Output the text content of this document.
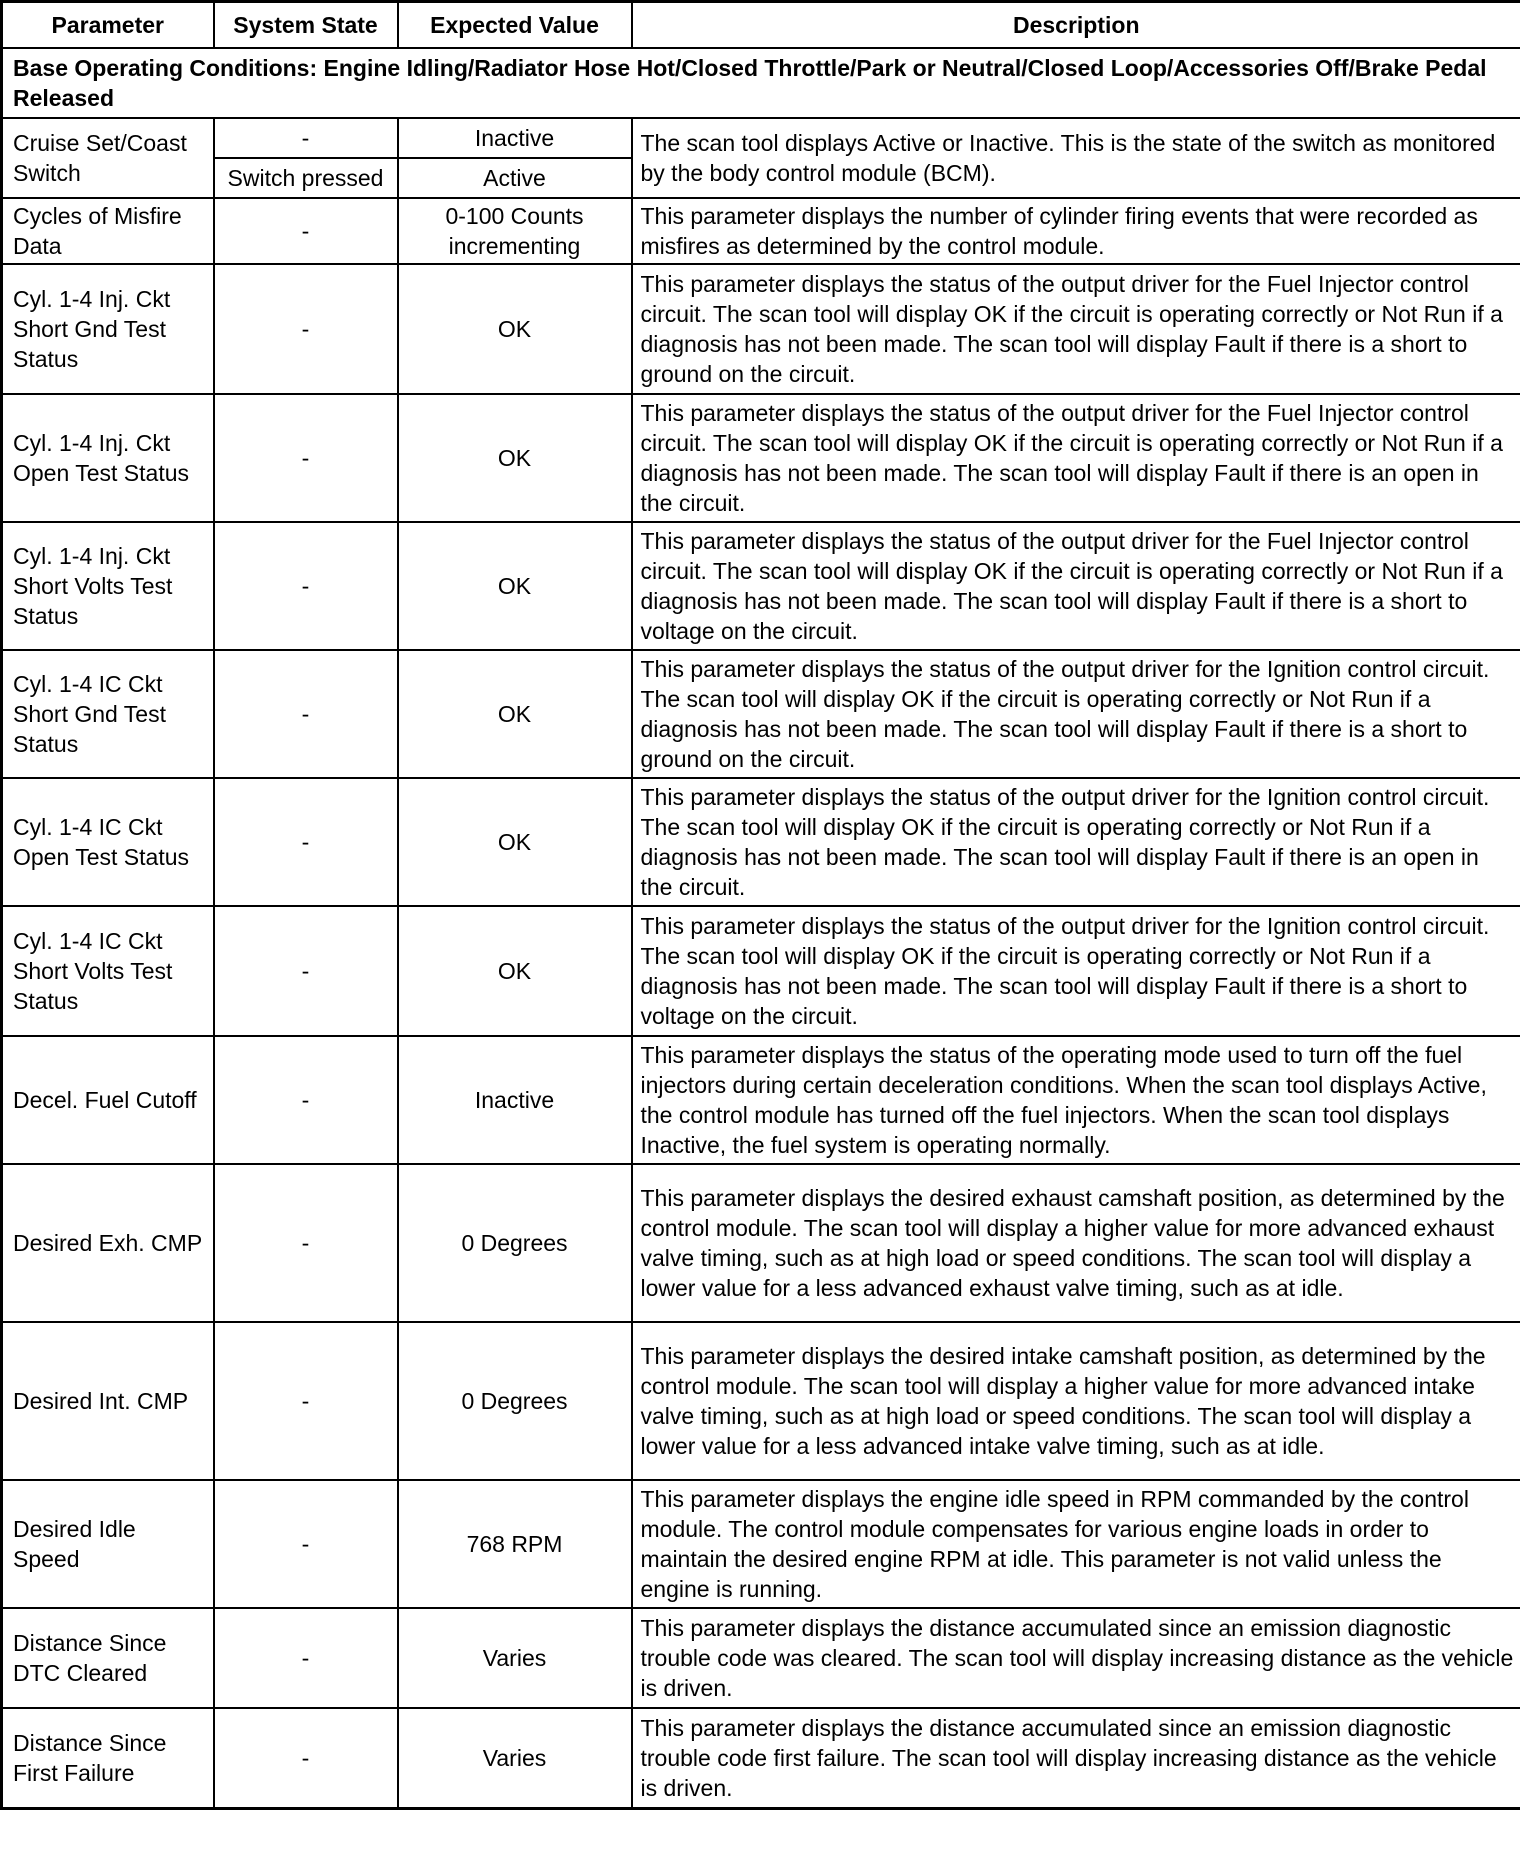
Parameter	System State	Expected Value	Description
Base Operating Conditions: Engine Idling/Radiator Hose Hot/Closed Throttle/Park or Neutral/Closed Loop/Accessories Off/Brake Pedal Released			
Cruise Set/Coast Switch	-	Inactive	The scan tool displays Active or Inactive. This is the state of the switch as monitored by the body control module (BCM).
	Switch pressed	Active	
Cycles of Misfire Data	-	0-100 Counts incrementing	This parameter displays the number of cylinder firing events that were recorded as misfires as determined by the control module.
Cyl. 1-4 Inj. Ckt Short Gnd Test Status	-	OK	This parameter displays the status of the output driver for the Fuel Injector control circuit. The scan tool will display OK if the circuit is operating correctly or Not Run if a diagnosis has not been made. The scan tool will display Fault if there is a short to ground on the circuit.
Cyl. 1-4 Inj. Ckt Open Test Status	-	OK	This parameter displays the status of the output driver for the Fuel Injector control circuit. The scan tool will display OK if the circuit is operating correctly or Not Run if a diagnosis has not been made. The scan tool will display Fault if there is an open in the circuit.
Cyl. 1-4 Inj. Ckt Short Volts Test Status	-	OK	This parameter displays the status of the output driver for the Fuel Injector control circuit. The scan tool will display OK if the circuit is operating correctly or Not Run if a diagnosis has not been made. The scan tool will display Fault if there is a short to voltage on the circuit.
Cyl. 1-4 IC Ckt Short Gnd Test Status	-	OK	This parameter displays the status of the output driver for the Ignition control circuit. The scan tool will display OK if the circuit is operating correctly or Not Run if a diagnosis has not been made. The scan tool will display Fault if there is a short to ground on the circuit.
Cyl. 1-4 IC Ckt Open Test Status	-	OK	This parameter displays the status of the output driver for the Ignition control circuit. The scan tool will display OK if the circuit is operating correctly or Not Run if a diagnosis has not been made. The scan tool will display Fault if there is an open in the circuit.
Cyl. 1-4 IC Ckt Short Volts Test Status	-	OK	This parameter displays the status of the output driver for the Ignition control circuit. The scan tool will display OK if the circuit is operating correctly or Not Run if a diagnosis has not been made. The scan tool will display Fault if there is a short to voltage on the circuit.
Decel. Fuel Cutoff	-	Inactive	This parameter displays the status of the operating mode used to turn off the fuel injectors during certain deceleration conditions. When the scan tool displays Active, the control module has turned off the fuel injectors. When the scan tool displays Inactive, the fuel system is operating normally.
Desired Exh. CMP	-	0 Degrees	This parameter displays the desired exhaust camshaft position, as determined by the control module. The scan tool will display a higher value for more advanced exhaust valve timing, such as at high load or speed conditions. The scan tool will display a lower value for a less advanced exhaust valve timing, such as at idle.
Desired Int. CMP	-	0 Degrees	This parameter displays the desired intake camshaft position, as determined by the control module. The scan tool will display a higher value for more advanced intake valve timing, such as at high load or speed conditions. The scan tool will display a lower value for a less advanced intake valve timing, such as at idle.
Desired Idle Speed	-	768 RPM	This parameter displays the engine idle speed in RPM commanded by the control module. The control module compensates for various engine loads in order to maintain the desired engine RPM at idle. This parameter is not valid unless the engine is running.
Distance Since DTC Cleared	-	Varies	This parameter displays the distance accumulated since an emission diagnostic trouble code was cleared. The scan tool will display increasing distance as the vehicle is driven.
Distance Since First Failure	-	Varies	This parameter displays the distance accumulated since an emission diagnostic trouble code first failure. The scan tool will display increasing distance as the vehicle is driven.
